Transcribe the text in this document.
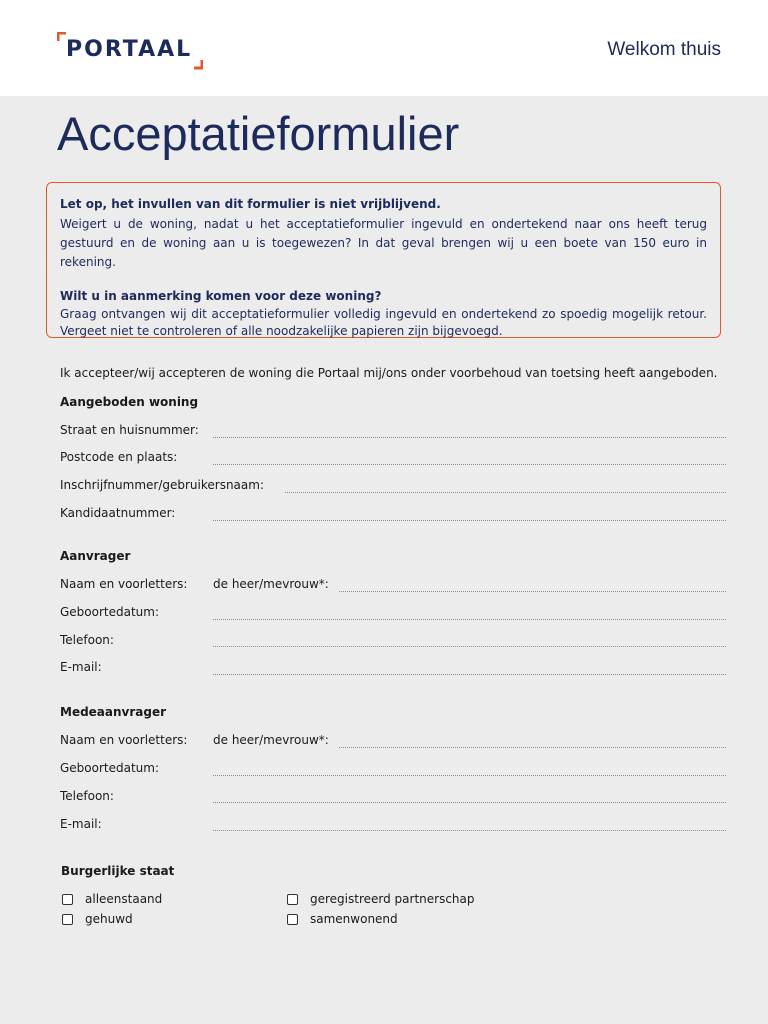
PORTAAL	Welkom thuis
Acceptatieformulier
Let op, het invullen van dit formulier is niet vrijblijvend.
Weigert u de woning, nadat u het acceptatieformulier ingevuld en ondertekend naar ons heeft terug gestuurd en de woning aan u is toegewezen? In dat geval brengen wij u een boete van 150 euro in rekening.
Wilt u in aanmerking komen voor deze woning?
Graag ontvangen wij dit acceptatieformulier volledig ingevuld en ondertekend zo spoedig mogelijk retour. Vergeet niet te controleren of alle noodzakelijke papieren zijn bijgevoegd.
Ik accepteer/wij accepteren de woning die Portaal mij/ons onder voorbehoud van toetsing heeft aangeboden.
Aangeboden woning
Straat en huisnummer:
Postcode en plaats:
Inschrijfnummer/gebruikersnaam:
Kandidaatnummer:
Aanvrager
Naam en voorletters: de heer/mevrouw*:
Geboortedatum:
Telefoon:
E-mail:
Medeaanvrager
Naam en voorletters: de heer/mevrouw*:
Geboortedatum:
Telefoon:
E-mail:
Burgerlijke staat
alleenstaand
gehuwd
geregistreerd partnerschap
samenwonend
